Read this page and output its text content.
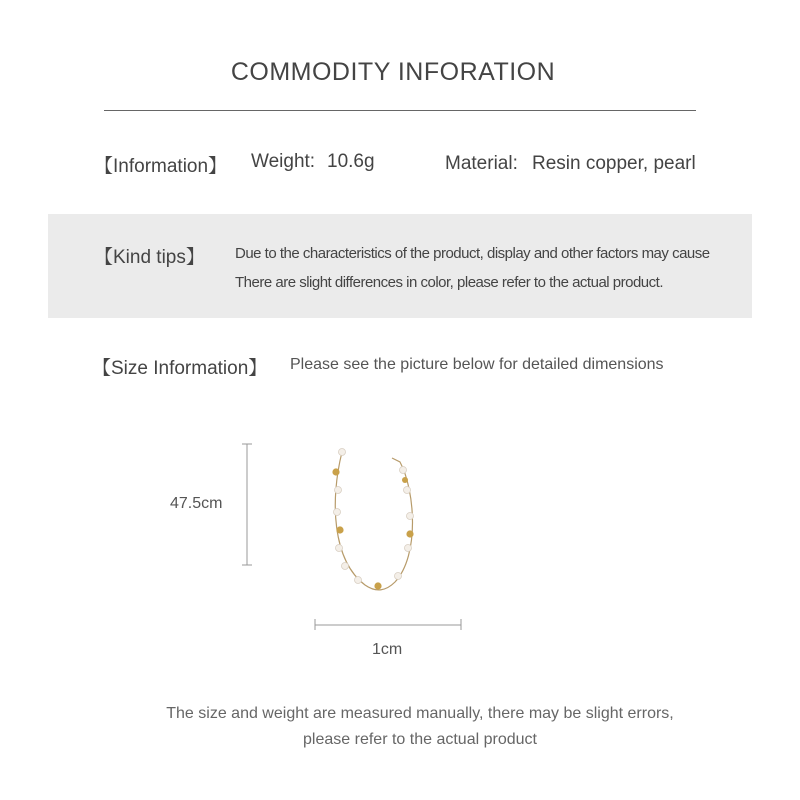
COMMODITY INFORATION
【Information】 Weight: 10.6g	Material: Resin copper, pearl
【Kind tips】 Due to the characteristics of the product, display and other factors may cause
There are slight differences in color, please refer to the actual product.
【Size Information】 Please see the picture below for detailed dimensions
47.5cm
1cm
The size and weight are measured manually, there may be slight errors,
please refer to the actual product
